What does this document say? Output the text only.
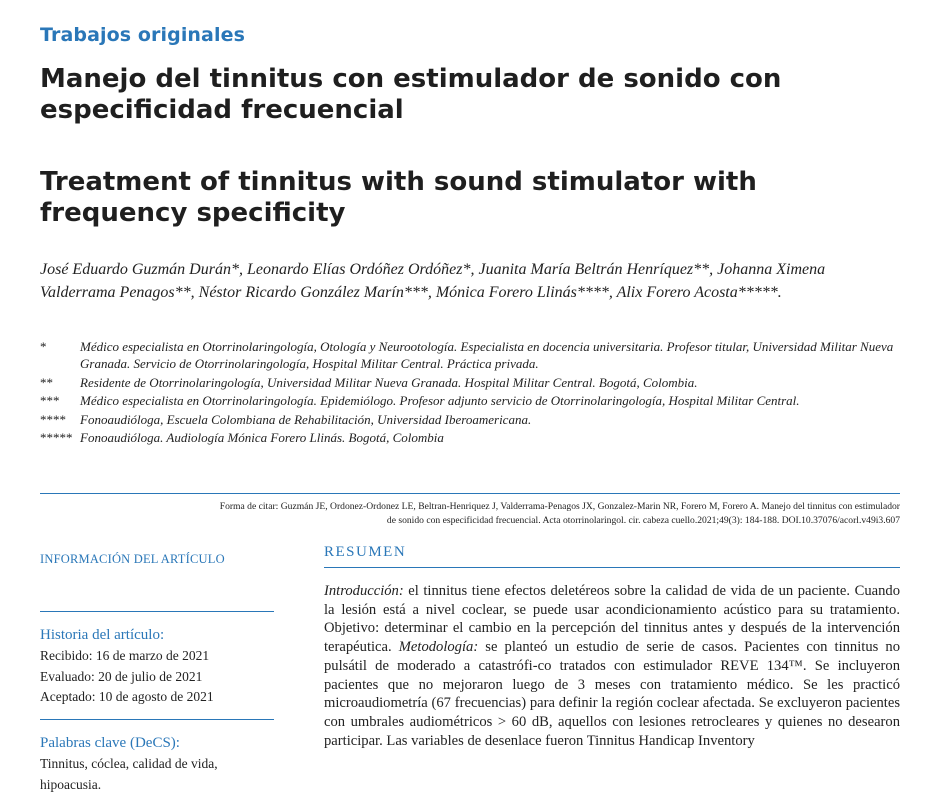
Trabajos originales
Manejo del tinnitus con estimulador de sonido con especificidad frecuencial
Treatment of tinnitus with sound stimulator with frequency specificity
José Eduardo Guzmán Durán*, Leonardo Elías Ordóñez Ordóñez*, Juanita María Beltrán Henríquez**, Johanna Ximena Valderrama Penagos**, Néstor Ricardo González Marín***, Mónica Forero Llinás****, Alix Forero Acosta*****.
*	Médico especialista en Otorrinolaringología, Otología y Neurootología. Especialista en docencia universitaria. Profesor titular, Universidad Militar Nueva Granada. Servicio de Otorrinolaringología, Hospital Militar Central. Práctica privada.
**	Residente de Otorrinolaringología, Universidad Militar Nueva Granada. Hospital Militar Central. Bogotá, Colombia.
***	Médico especialista en Otorrinolaringología. Epidemiólogo. Profesor adjunto servicio de Otorrinolaringología, Hospital Militar Central.
****	Fonoaudióloga, Escuela Colombiana de Rehabilitación, Universidad Iberoamericana.
***** Fonoaudióloga. Audiología Mónica Forero Llinás. Bogotá, Colombia
Forma de citar: Guzmán JE, Ordonez-Ordonez LE, Beltran-Henriquez J, Valderrama-Penagos JX, Gonzalez-Marin NR, Forero M, Forero A. Manejo del tinnitus con estimulador
de sonido con especificidad frecuencial. Acta otorrinolaringol. cir. cabeza cuello.2021;49(3): 184-188. DOI.10.37076/acorl.v49i3.607
INFORMACIÓN DEL ARTÍCULO
Historia del artículo:
Recibido: 16 de marzo de 2021
Evaluado: 20 de julio de 2021
Aceptado: 10 de agosto de 2021
Palabras clave (DeCS):
Tinnitus, cóclea, calidad de vida,
hipoacusia.
RESUMEN
Introducción: el tinnitus tiene efectos deletéreos sobre la calidad de vida de un paciente. Cuando la lesión está a nivel coclear, se puede usar acondicionamiento acústico para su tratamiento. Objetivo: determinar el cambio en la percepción del tinnitus antes y después de la intervención terapéutica. Metodología: se planteó un estudio de serie de casos. Pacientes con tinnitus no pulsátil de moderado a catastrófi-co tratados con estimulador REVE 134™. Se incluyeron pacientes que no mejoraron luego de 3 meses con tratamiento médico. Se les practicó microaudiometría (67 frecuencias) para definir la región coclear afectada. Se excluyeron pacientes con umbrales audiométricos > 60 dB, aquellos con lesiones retrocleares y quienes no desearon participar. Las variables de desenlace fueron Tinnitus Handicap Inventory
